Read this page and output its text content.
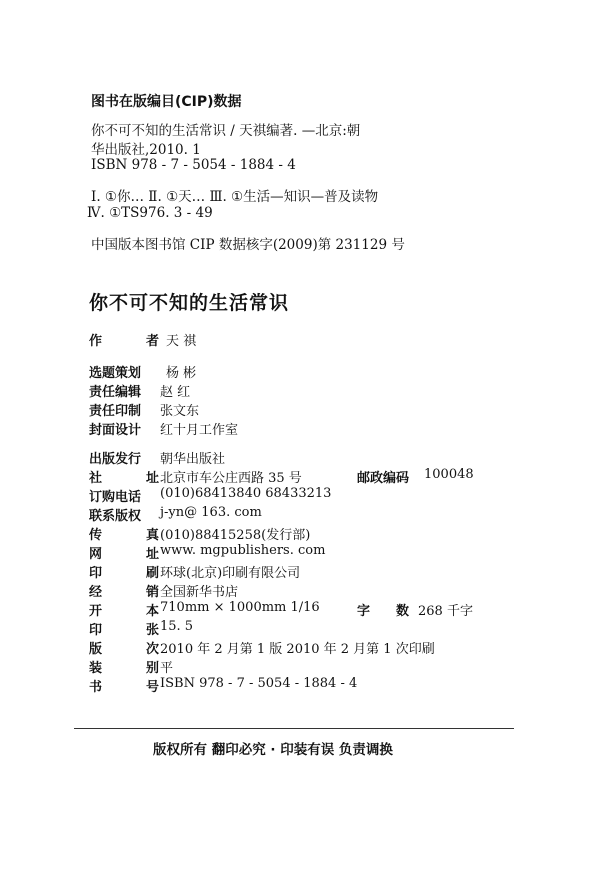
图书在版编目(CIP)数据
你不可不知的生活常识 / 天祺编著. —北京:朝
华出版社,2010. 1
ISBN 978 - 7 - 5054 - 1884 - 4
Ⅰ. ①你… Ⅱ. ①天… Ⅲ. ①生活—知识—普及读物
Ⅳ. ①TS976. 3 - 49
中国版本图书馆 CIP 数据核字(2009)第 231129 号
你不可不知的生活常识
作	者 天 祺
选题策划 杨 彬
责任编辑 赵 红
责任印制 张文东
封面设计 红十月工作室
出版发行 朝华出版社
社	址 北京市车公庄西路 35 号	邮政编码 100048
订购电话 (010)68413840 68433213
联系版权 j-yn@ 163. com
传	真 (010)88415258(发行部)
网	址 www. mgpublishers. com
印	刷 环球(北京)印刷有限公司
经	销 全国新华书店
开	本 710mm × 1000mm 1/16	字 数 268 千字
印	张 15. 5
版	次 2010 年 2 月第 1 版 2010 年 2 月第 1 次印刷
装	别 平
书	号 ISBN 978 - 7 - 5054 - 1884 - 4
版权所有 翻印必究 · 印装有误 负责调换
